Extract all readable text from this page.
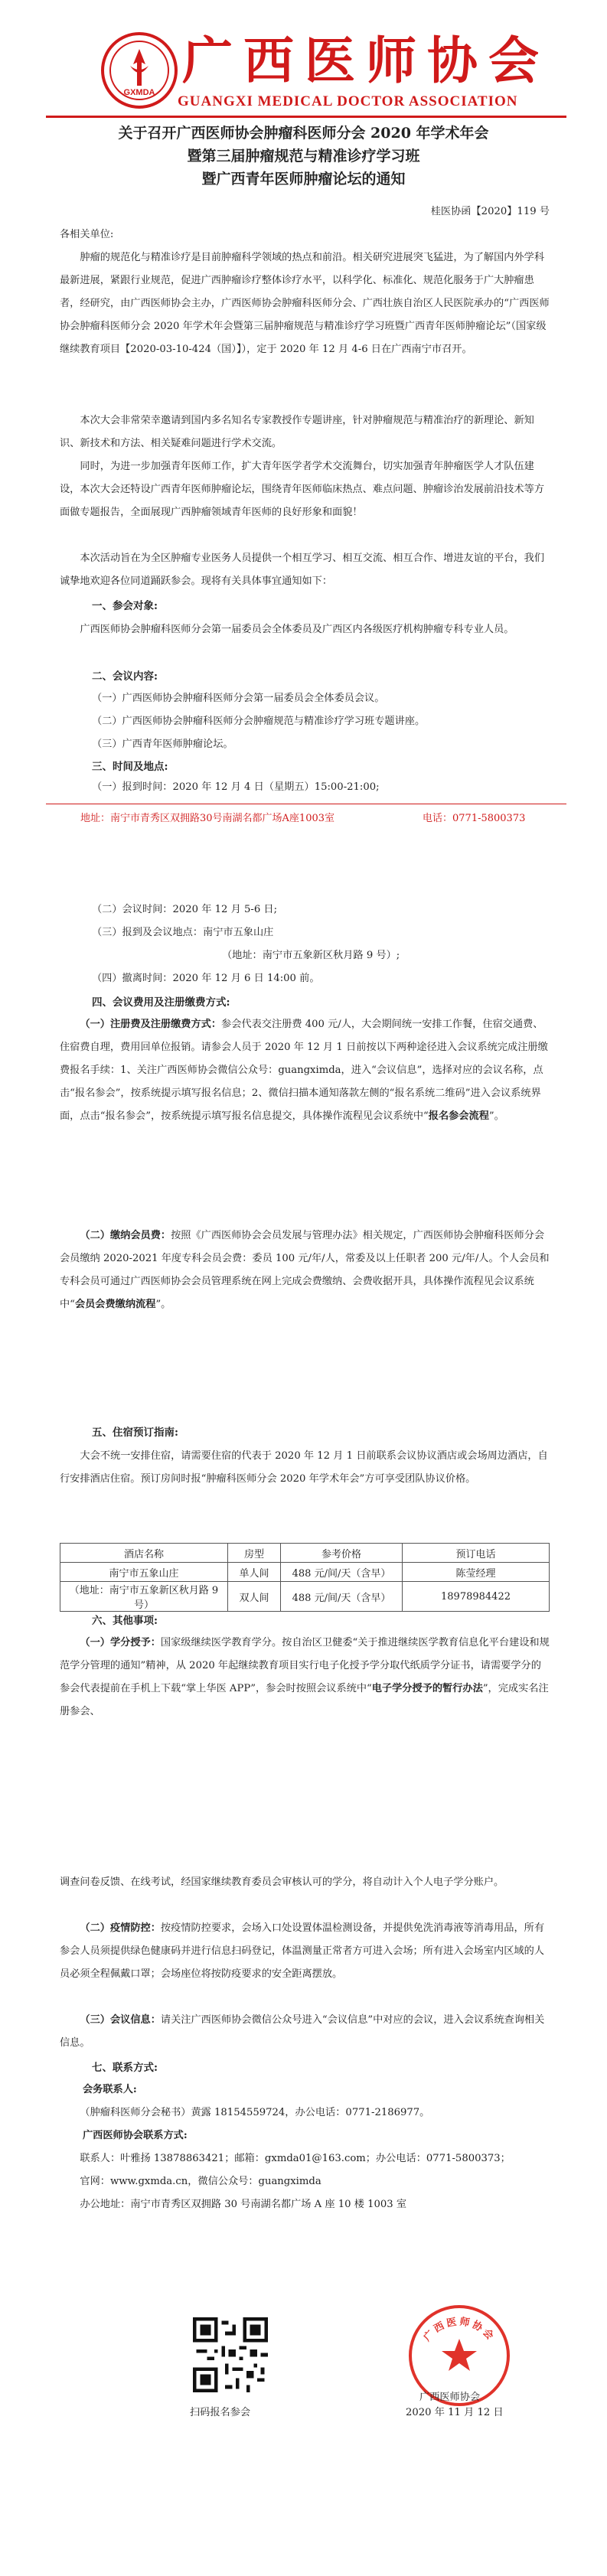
GXMDA
广西医师协会
GUANGXI MEDICAL DOCTOR ASSOCIATION

关于召开广西医师协会肿瘤科医师分会 2020 年学术年会

暨第三届肿瘤规范与精准诊疗学习班

暨广西青年医师肿瘤论坛的通知

桂医协函【2020】119 号

各相关单位:

肿瘤的规范化与精准诊疗是目前肿瘤科学领域的热点和前沿。相关研究进展突飞猛进，为了解国内外学科最新进展，紧跟行业规范，促进广西肿瘤诊疗整体诊疗水平，以科学化、标准化、规范化服务于广大肿瘤患者，经研究，由广西医师协会主办，广西医师协会肿瘤科医师分会、广西壮族自治区人民医院承办的“广西医师协会肿瘤科医师分会 2020 年学术年会暨第三届肿瘤规范与精准诊疗学习班暨广西青年医师肿瘤论坛”（国家级继续教育项目【2020-03-10-424（国）】），定于 2020 年 12 月 4-6 日在广西南宁市召开。

本次大会非常荣幸邀请到国内多名知名专家教授作专题讲座，针对肿瘤规范与精准治疗的新理论、新知识、新技术和方法、相关疑难问题进行学术交流。

同时，为进一步加强青年医师工作，扩大青年医学者学术交流舞台，切实加强青年肿瘤医学人才队伍建设，本次大会还特设广西青年医师肿瘤论坛，围绕青年医师临床热点、难点问题、肿瘤诊治发展前沿技术等方面做专题报告，全面展现广西肿瘤领域青年医师的良好形象和面貌！

本次活动旨在为全区肿瘤专业医务人员提供一个相互学习、相互交流、相互合作、增进友谊的平台，我们诚挚地欢迎各位同道踊跃参会。现将有关具体事宜通知如下：

一、参会对象:

广西医师协会肿瘤科医师分会第一届委员会全体委员及广西区内各级医疗机构肿瘤专科专业人员。

二、会议内容:

（一）广西医师协会肿瘤科医师分会第一届委员会全体委员会议。

（二）广西医师协会肿瘤科医师分会肿瘤规范与精准诊疗学习班专题讲座。

（三）广西青年医师肿瘤论坛。

三、时间及地点:

（一）报到时间：2020 年 12 月 4 日（星期五）15:00-21:00;

地址：南宁市青秀区双拥路30号南湖名都广场A座1003室	电话：0771-5800373

（二）会议时间：2020 年 12 月 5-6 日;

（三）报到及会议地点：南宁市五象山庄

（地址：南宁市五象新区秋月路 9 号）;

（四）撤离时间：2020 年 12 月 6 日 14:00 前。

四、会议费用及注册缴费方式:

（一）注册费及注册缴费方式：参会代表交注册费 400 元/人，大会期间统一安排工作餐，住宿交通费、住宿费自理，费用回单位报销。请参会人员于 2020 年 12 月 1 日前按以下两种途径进入会议系统完成注册缴费报名手续：1、关注广西医师协会微信公众号：guangximda，进入“会议信息”，选择对应的会议名称，点击“报名参会”，按系统提示填写报名信息；2、微信扫描本通知落款左侧的“报名系统二维码”进入会议系统界面，点击“报名参会”，按系统提示填写报名信息提交，具体操作流程见会议系统中“报名参会流程”。

（二）缴纳会员费：按照《广西医师协会会员发展与管理办法》相关规定，广西医师协会肿瘤科医师分会会员缴纳 2020-2021 年度专科会员会费：委员 100 元/年/人，常委及以上任职者 200 元/年/人。个人会员和专科会员可通过广西医师协会会员管理系统在网上完成会费缴纳、会费收据开具，具体操作流程见会议系统中“会员会费缴纳流程”。

五、住宿预订指南:

大会不统一安排住宿，请需要住宿的代表于 2020 年 12 月 1 日前联系会议协议酒店或会场周边酒店，自行安排酒店住宿。预订房间时报“肿瘤科医师分会 2020 年学术年会”方可享受团队协议价格。

酒店名称	房型	参考价格	预订电话
南宁市五象山庄	单人间	488 元/间/天（含早）	陈莹经理
（地址：南宁市五象新区秋月路 9 号）	双人间	488 元/间/天（含早）	18978984422

六、其他事项:

（一）学分授予：国家级继续医学教育学分。按自治区卫健委“关于推进继续医学教育信息化平台建设和规范学分管理的通知”精神，从 2020 年起继续教育项目实行电子化授予学分取代纸质学分证书，请需要学分的参会代表提前在手机上下载“掌上华医 APP”，参会时按照会议系统中“电子学分授予的暂行办法”，完成实名注册参会、

调查问卷反馈、在线考试，经国家继续教育委员会审核认可的学分，将自动计入个人电子学分账户。

（二）疫情防控：按疫情防控要求，会场入口处设置体温检测设备，并提供免洗消毒液等消毒用品，所有参会人员须提供绿色健康码并进行信息扫码登记，体温测量正常者方可进入会场；所有进入会场室内区域的人员必须全程佩戴口罩；会场座位将按防疫要求的安全距离摆放。

（三）会议信息：请关注广西医师协会微信公众号进入“会议信息”中对应的会议，进入会议系统查询相关信息。

七、联系方式:

会务联系人:

（肿瘤科医师分会秘书）黄露 18154559724，办公电话：0771-2186977。

广西医师协会联系方式:

联系人：叶雅扬 13878863421；邮箱：gxmda01@163.com；办公电话：0771-5800373；

官网：www.gxmda.cn，微信公众号：guangximda

办公地址：南宁市青秀区双拥路 30 号南湖名都广场 A 座 10 楼 1003 室

扫码报名参会

广西医师协会

广西医师协会

2020 年 11 月 12 日
